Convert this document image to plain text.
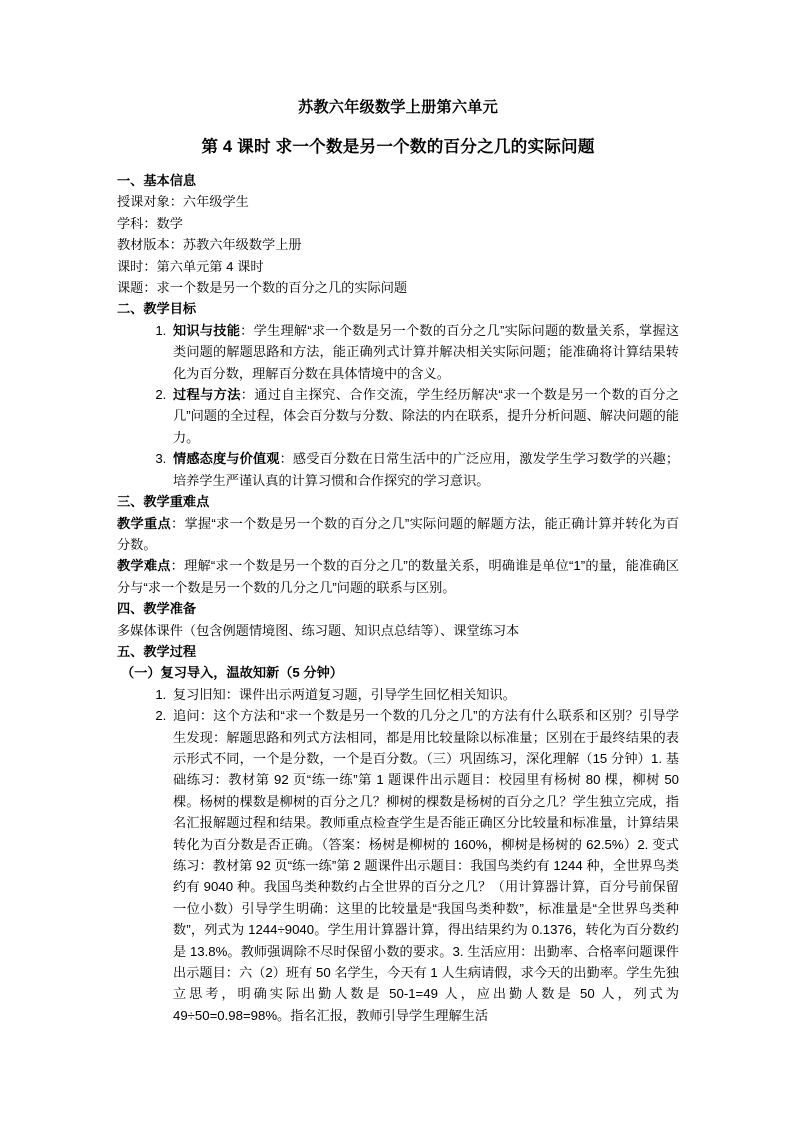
苏教六年级数学上册第六单元
第 4 课时 求一个数是另一个数的百分之几的实际问题
一、基本信息
授课对象：六年级学生
学科：数学
教材版本：苏教六年级数学上册
课时：第六单元第 4 课时
课题：求一个数是另一个数的百分之几的实际问题
二、教学目标
1. 知识与技能：学生理解“求一个数是另一个数的百分之几”实际问题的数量关系，掌握这类问题的解题思路和方法，能正确列式计算并解决相关实际问题；能准确将计算结果转化为百分数，理解百分数在具体情境中的含义。
2. 过程与方法：通过自主探究、合作交流，学生经历解决“求一个数是另一个数的百分之几”问题的全过程，体会百分数与分数、除法的内在联系，提升分析问题、解决问题的能力。
3. 情感态度与价值观：感受百分数在日常生活中的广泛应用，激发学生学习数学的兴趣；培养学生严谨认真的计算习惯和合作探究的学习意识。
三、教学重难点
教学重点：掌握“求一个数是另一个数的百分之几”实际问题的解题方法，能正确计算并转化为百分数。
教学难点：理解“求一个数是另一个数的百分之几”的数量关系，明确谁是单位“1”的量，能准确区分与“求一个数是另一个数的几分之几”问题的联系与区别。
四、教学准备
多媒体课件（包含例题情境图、练习题、知识点总结等）、课堂练习本
五、教学过程
（一）复习导入，温故知新（5 分钟）
1. 复习旧知：课件出示两道复习题，引导学生回忆相关知识。
2. 追问：这个方法和“求一个数是另一个数的几分之几”的方法有什么联系和区别？引导学生发现：解题思路和列式方法相同，都是用比较量除以标准量；区别在于最终结果的表示形式不同，一个是分数，一个是百分数。（三）巩固练习，深化理解（15 分钟）1. 基础练习：教材第 92 页“练一练”第 1 题课件出示题目：校园里有杨树 80 棵，柳树 50 棵。杨树的棵数是柳树的百分之几？柳树的棵数是杨树的百分之几？学生独立完成，指名汇报解题过程和结果。教师重点检查学生是否能正确区分比较量和标准量，计算结果转化为百分数是否正确。（答案：杨树是柳树的 160%，柳树是杨树的 62.5%）2. 变式练习：教材第 92 页“练一练”第 2 题课件出示题目：我国鸟类约有 1244 种，全世界鸟类约有 9040 种。我国鸟类种数约占全世界的百分之几？（用计算器计算，百分号前保留一位小数）引导学生明确：这里的比较量是“我国鸟类种数”，标准量是“全世界鸟类种数”，列式为 1244÷9040。学生用计算器计算，得出结果约为 0.1376，转化为百分数约是 13.8%。教师强调除不尽时保留小数的要求。3. 生活应用：出勤率、合格率问题课件出示题目：六（2）班有 50 名学生，今天有 1 人生病请假，求今天的出勤率。学生先独立思考，明确实际出勤人数是 50-1=49 人，应出勤人数是 50 人，列式为 49÷50=0.98=98%。指名汇报，教师引导学生理解生活
